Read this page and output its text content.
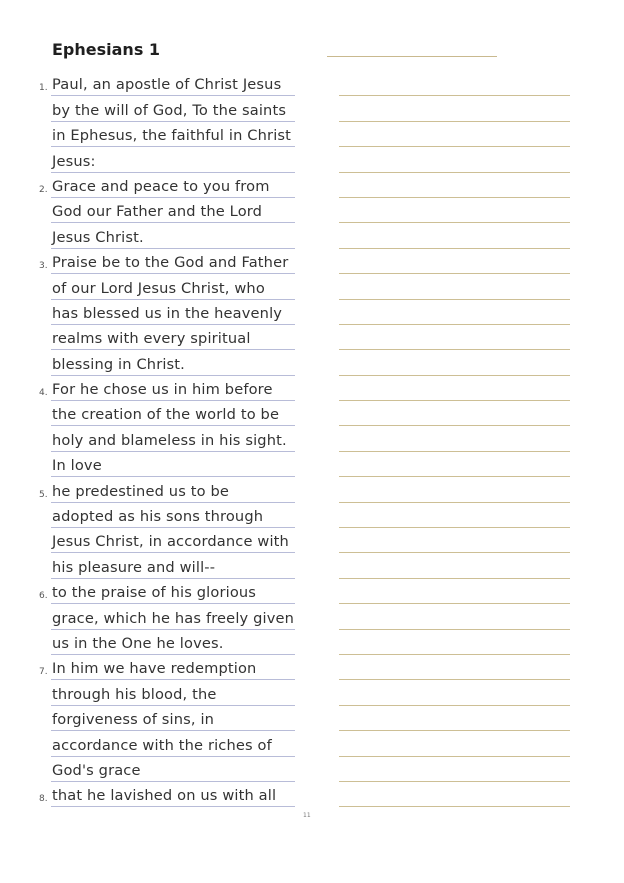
Ephesians 1
1. Paul, an apostle of Christ Jesus
by the will of God, To the saints
in Ephesus, the faithful in Christ
Jesus:
2. Grace and peace to you from
God our Father and the Lord
Jesus Christ.
3. Praise be to the God and Father
of our Lord Jesus Christ, who
has blessed us in the heavenly
realms with every spiritual
blessing in Christ.
4. For he chose us in him before
the creation of the world to be
holy and blameless in his sight.
In love
5. he predestined us to be
adopted as his sons through
Jesus Christ, in accordance with
his pleasure and will--
6. to the praise of his glorious
grace, which he has freely given
us in the One he loves.
7. In him we have redemption
through his blood, the
forgiveness of sins, in
accordance with the riches of
God's grace
8. that he lavished on us with all
11
